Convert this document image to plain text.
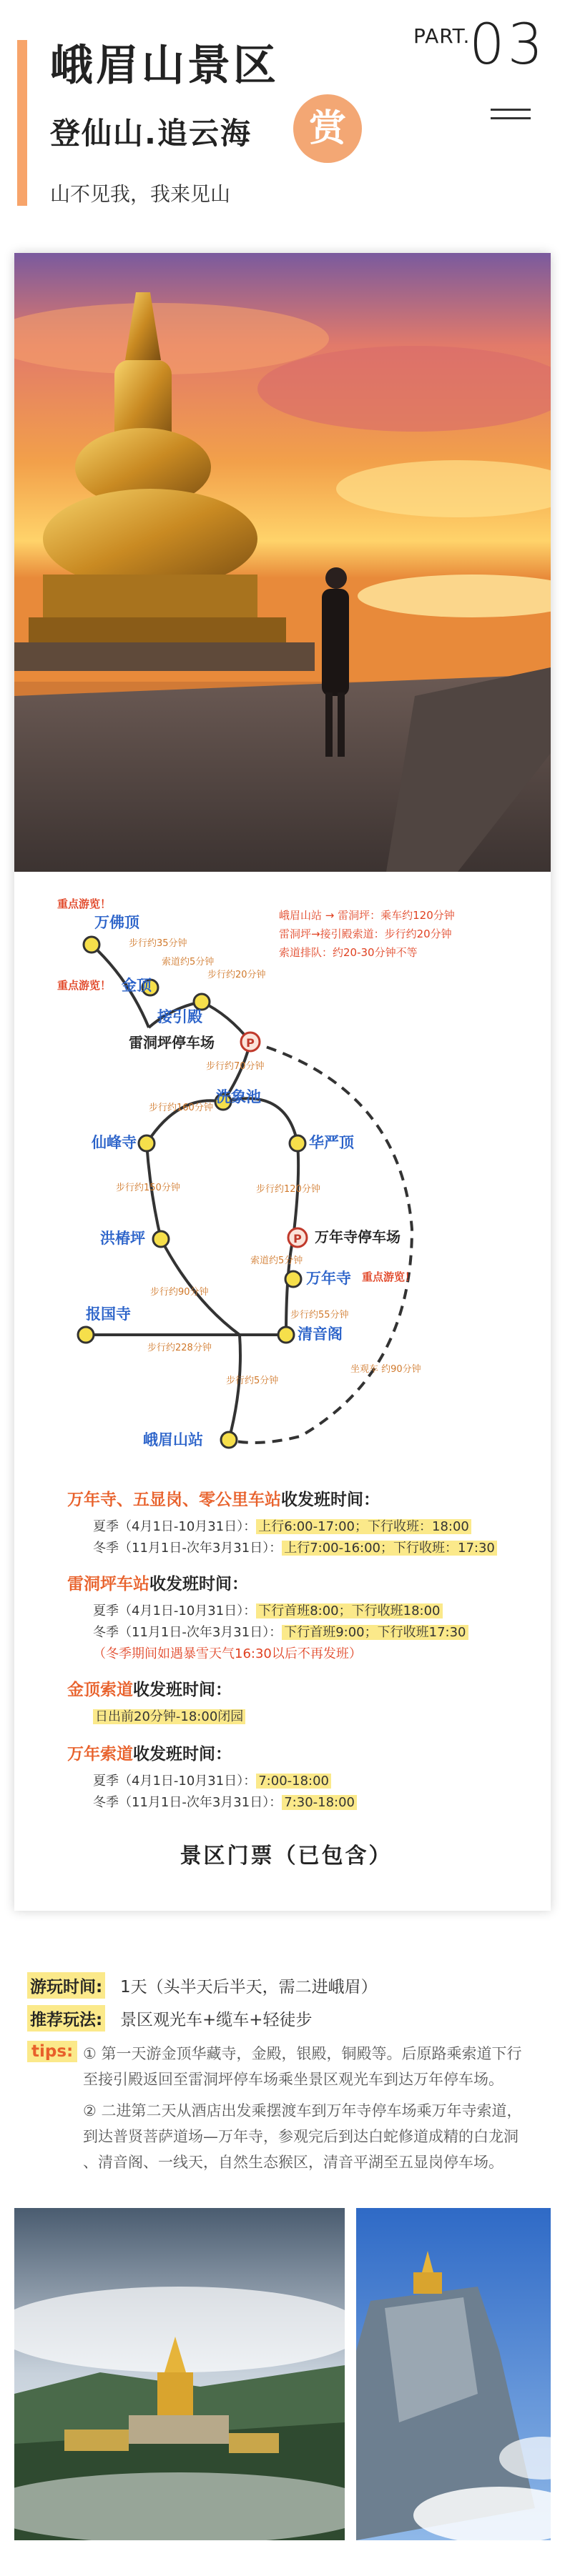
峨眉山景区
登仙山.追云海	赏
山不见我，我来见山
PART.
03
P
P
万佛顶
金顶
接引殿
洗象池
仙峰寺	华严顶
洪椿坪
万年寺
报国寺
清音阁
峨眉山站
雷洞坪停车场
万年寺停车场
重点游览！
重点游览！
重点游览！
峨眉山站 → 雷洞坪：乘车约120分钟
雷洞坪→接引殿索道：步行约20分钟
索道排队：约20-30分钟不等
步行约35分钟
索道约5分钟
步行约20分钟
步行约70分钟
步行约160分钟
步行约150分钟	步行约120分钟
步行约90分钟
索道约5分钟
步行约55分钟
步行约228分钟
步行约5分钟
坐观车 约90分钟
万年寺、五显岗、零公里车站收发班时间：
夏季（4月1日-10月31日）： 上行6:00-17:00；下行收班：18:00
冬季（11月1日-次年3月31日）： 上行7:00-16:00；下行收班：17:30
雷洞坪车站收发班时间：
夏季（4月1日-10月31日）： 下行首班8:00；下行收班18:00
冬季（11月1日-次年3月31日）： 下行首班9:00；下行收班17:30
（冬季期间如遇暴雪天气16:30以后不再发班）
金顶索道收发班时间：
日出前20分钟-18:00闭园
万年索道收发班时间：
夏季（4月1日-10月31日）： 7:00-18:00
冬季（11月1日-次年3月31日）： 7:30-18:00
景区门票（已包含）
游玩时间: 1天（头半天后半天，需二进峨眉）
推荐玩法: 景区观光车+缆车+轻徒步
tips: ① 第一天游金顶华藏寺，金殿，银殿，铜殿等。后原路乘索道下行
至接引殿返回至雷洞坪停车场乘坐景区观光车到达万年停车场。
② 二进第二天从酒店出发乘摆渡车到万年寺停车场乘万年寺索道，
到达普贤菩萨道场—万年寺，参观完后到达白蛇修道成精的白龙洞
、清音阁、一线天，自然生态猴区，清音平湖至五显岗停车场。
